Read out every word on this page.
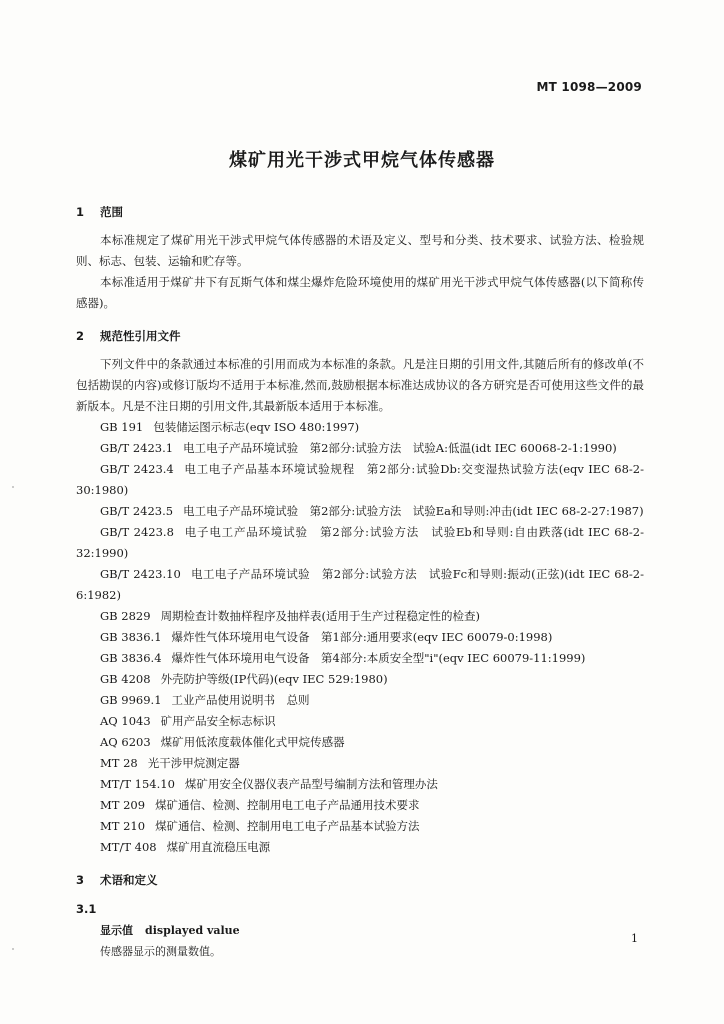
MT 1098—2009
煤矿用光干涉式甲烷气体传感器
1 范围

本标准规定了煤矿用光干涉式甲烷气体传感器的术语及定义、型号和分类、技术要求、试验方法、检验规则、标志、包装、运输和贮存等。

本标准适用于煤矿井下有瓦斯气体和煤尘爆炸危险环境使用的煤矿用光干涉式甲烷气体传感器(以下简称传感器)。

2 规范性引用文件

下列文件中的条款通过本标准的引用而成为本标准的条款。凡是注日期的引用文件,其随后所有的修改单(不包括勘误的内容)或修订版均不适用于本标准,然而,鼓励根据本标准达成协议的各方研究是否可使用这些文件的最新版本。凡是不注日期的引用文件,其最新版本适用于本标准。

GB 191 包装储运图示标志(eqv ISO 480:1997)

GB/T 2423.1 电工电子产品环境试验　第2部分:试验方法　试验A:低温(idt IEC 60068-2-1:1990)

GB/T 2423.4 电工电子产品基本环境试验规程　第2部分:试验Db:交变湿热试验方法(eqv IEC 68-2-30:1980)

GB/T 2423.5 电工电子产品环境试验　第2部分:试验方法　试验Ea和导则:冲击(idt IEC 68-2-27:1987)

GB/T 2423.8 电子电工产品环境试验　第2部分:试验方法　试验Eb和导则:自由跌落(idt IEC 68-2-32:1990)

GB/T 2423.10 电工电子产品环境试验　第2部分:试验方法　试验Fc和导则:振动(正弦)(idt IEC 68-2-6:1982)

GB 2829 周期检查计数抽样程序及抽样表(适用于生产过程稳定性的检查)

GB 3836.1 爆炸性气体环境用电气设备　第1部分:通用要求(eqv IEC 60079-0:1998)

GB 3836.4 爆炸性气体环境用电气设备　第4部分:本质安全型"i"(eqv IEC 60079-11:1999)

GB 4208 外壳防护等级(IP代码)(eqv IEC 529:1980)

GB 9969.1 工业产品使用说明书　总则

AQ 1043 矿用产品安全标志标识

AQ 6203 煤矿用低浓度载体催化式甲烷传感器

MT 28 光干涉甲烷测定器

MT/T 154.10 煤矿用安全仪器仪表产品型号编制方法和管理办法

MT 209 煤矿通信、检测、控制用电工电子产品通用技术要求

MT 210 煤矿通信、检测、控制用电工电子产品基本试验方法

MT/T 408 煤矿用直流稳压电源

3 术语和定义
3.1

显示值 displayed value

传感器显示的测量数值。

1
